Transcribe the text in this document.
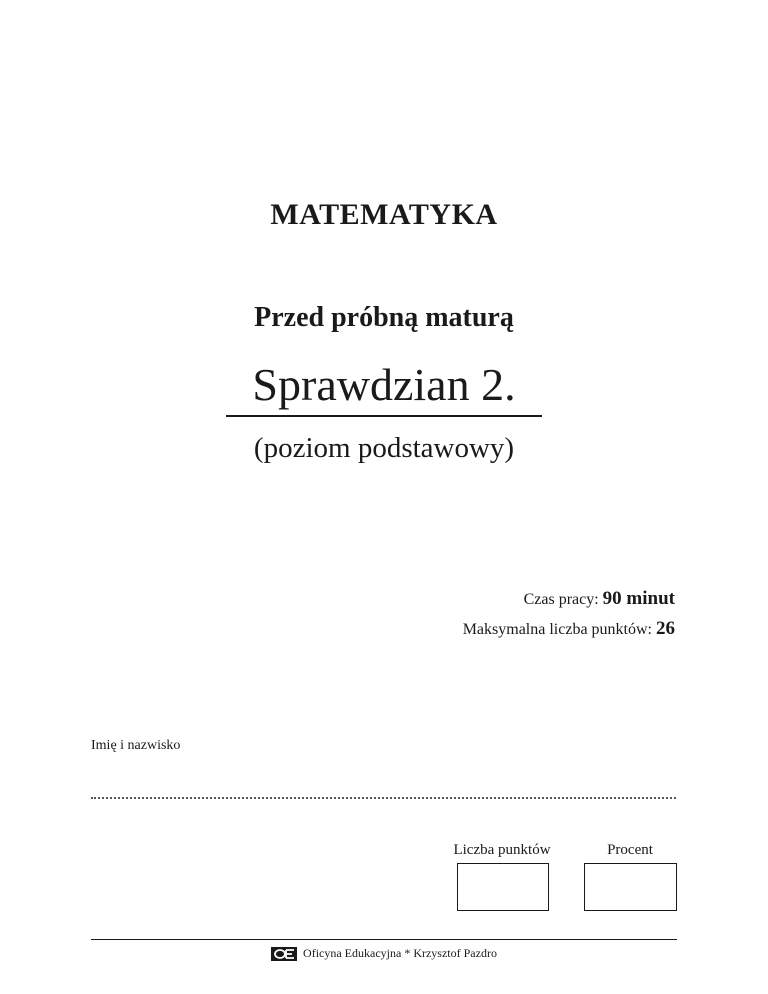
MATEMATYKA
Przed próbną maturą
Sprawdzian 2.
(poziom podstawowy)
Czas pracy: 90 minut
Maksymalna liczba punktów: 26
Imię i nazwisko
Liczba punktów	Procent
Oficyna Edukacyjna * Krzysztof Pazdro
